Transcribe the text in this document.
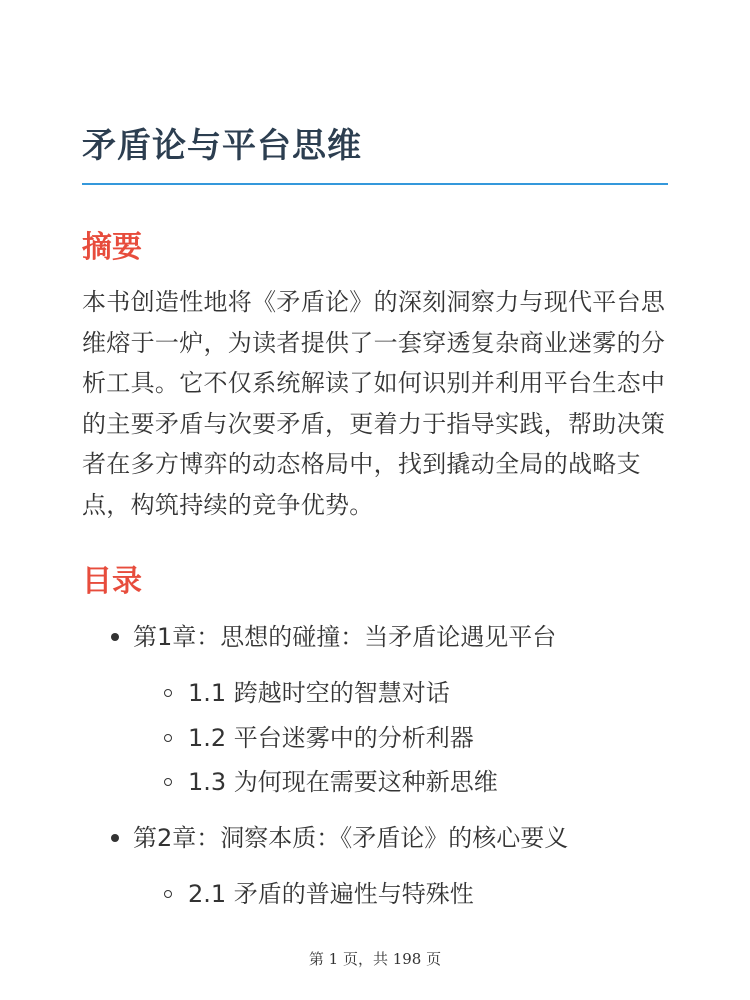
矛盾论与平台思维
摘要

本书创造性地将《矛盾论》的深刻洞察力与现代平台思维熔于一炉，为读者提供了一套穿透复杂商业迷雾的分析工具。它不仅系统解读了如何识别并利用平台生态中的主要矛盾与次要矛盾，更着力于指导实践，帮助决策者在多方博弈的动态格局中，找到撬动全局的战略支点，构筑持续的竞争优势。

目录
第1章：思想的碰撞：当矛盾论遇见平台
1.1 跨越时空的智慧对话
1.2 平台迷雾中的分析利器
1.3 为何现在需要这种新思维
第2章：洞察本质：《矛盾论》的核心要义
2.1 矛盾的普遍性与特殊性
第 1 页，共 198 页
